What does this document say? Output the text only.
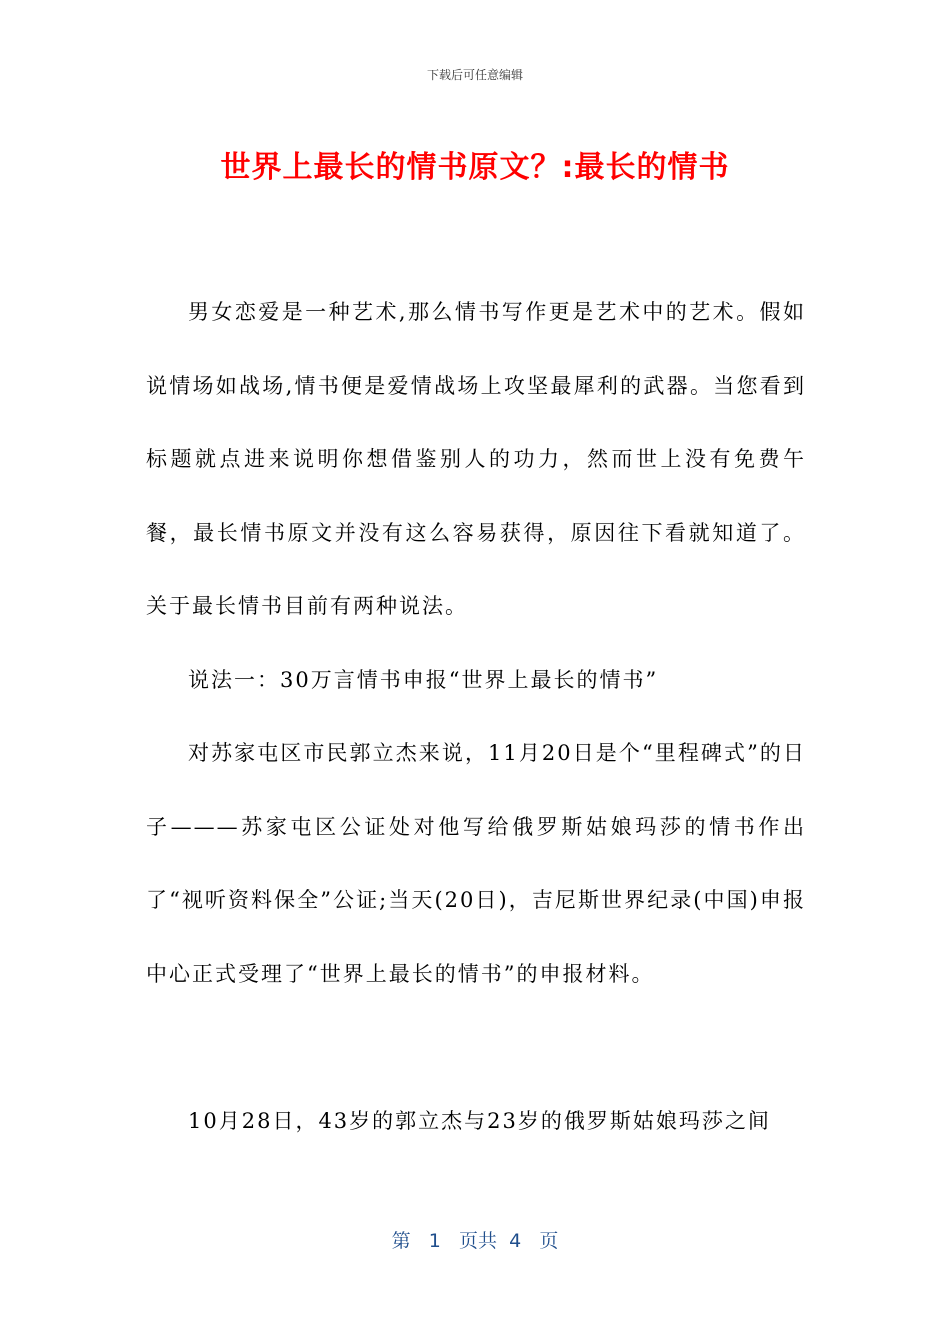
下载后可任意编辑
世界上最长的情书原文？:最长的情书

男女恋爱是一种艺术,那么情书写作更是艺术中的艺术。假如说情场如战场,情书便是爱情战场上攻坚最犀利的武器。当您看到标题就点进来说明你想借鉴别人的功力，然而世上没有免费午餐，最长情书原文并没有这么容易获得，原因往下看就知道了。关于最长情书目前有两种说法。

说法一：30万言情书申报“世界上最长的情书”

对苏家屯区市民郭立杰来说，11月20日是个“里程碑式”的日子———苏家屯区公证处对他写给俄罗斯姑娘玛莎的情书作出了“视听资料保全”公证;当天(20日)，吉尼斯世界纪录(中国)申报中心正式受理了“世界上最长的情书”的申报材料。

10月28日，43岁的郭立杰与23岁的俄罗斯姑娘玛莎之间

第 1 页共 4 页
